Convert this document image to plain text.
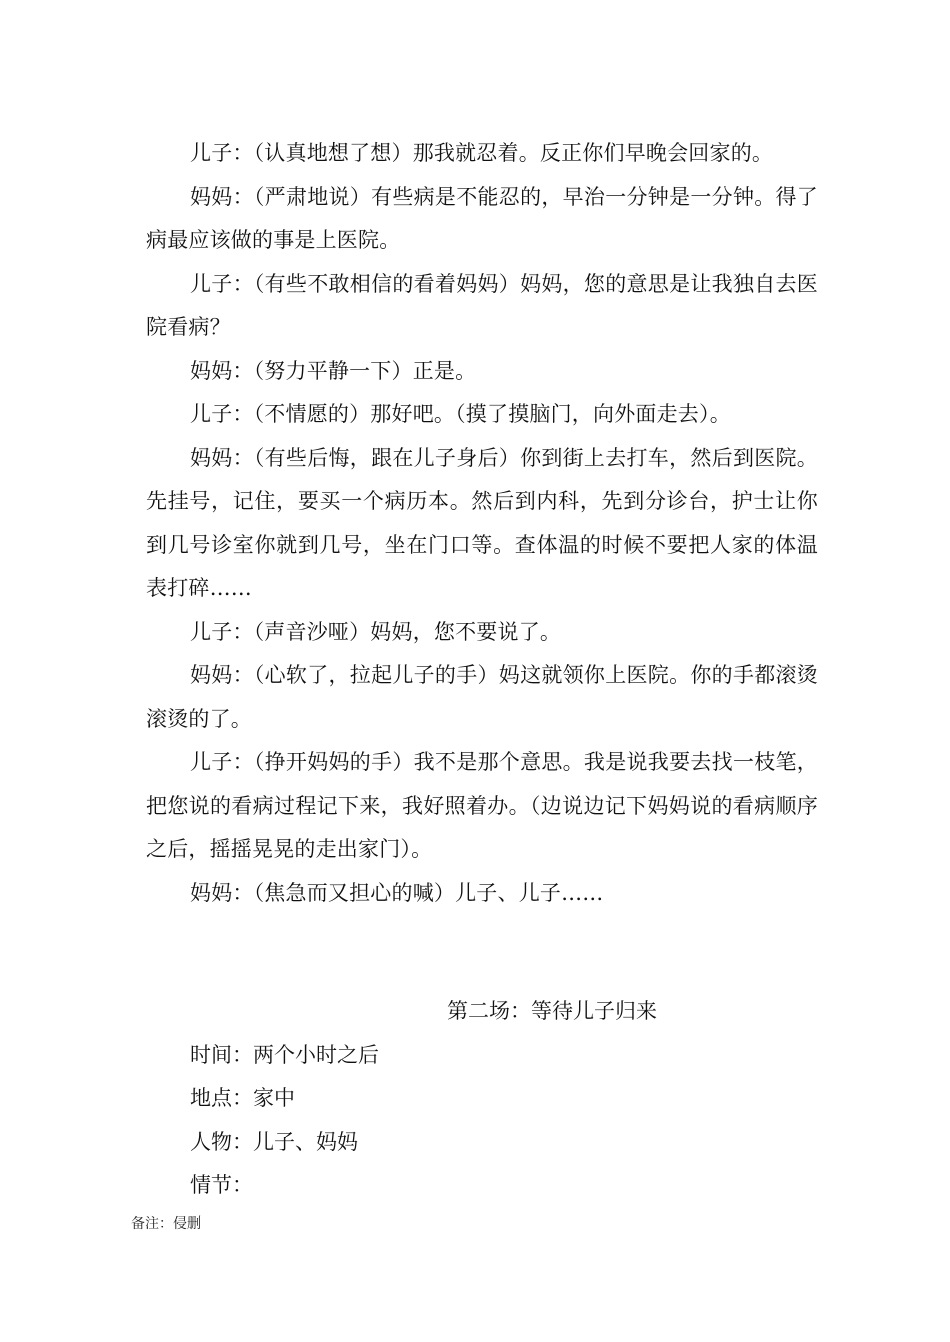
儿子：（认真地想了想）那我就忍着。反正你们早晚会回家的。

妈妈：（严肃地说）有些病是不能忍的，早治一分钟是一分钟。得了病最应该做的事是上医院。

儿子：（有些不敢相信的看着妈妈）妈妈，您的意思是让我独自去医院看病？

妈妈：（努力平静一下）正是。

儿子：（不情愿的）那好吧。（摸了摸脑门，向外面走去）。

妈妈：（有些后悔，跟在儿子身后）你到街上去打车，然后到医院。先挂号，记住，要买一个病历本。然后到内科，先到分诊台，护士让你到几号诊室你就到几号，坐在门口等。查体温的时候不要把人家的体温表打碎……

儿子：（声音沙哑）妈妈，您不要说了。

妈妈：（心软了，拉起儿子的手）妈这就领你上医院。你的手都滚烫滚烫的了。

儿子：（挣开妈妈的手）我不是那个意思。我是说我要去找一枝笔，把您说的看病过程记下来，我好照着办。（边说边记下妈妈说的看病顺序之后，摇摇晃晃的走出家门）。

妈妈：（焦急而又担心的喊）儿子、儿子……

第二场：等待儿子归来

时间：两个小时之后

地点：家中

人物：儿子、妈妈

情节：

备注：侵删
